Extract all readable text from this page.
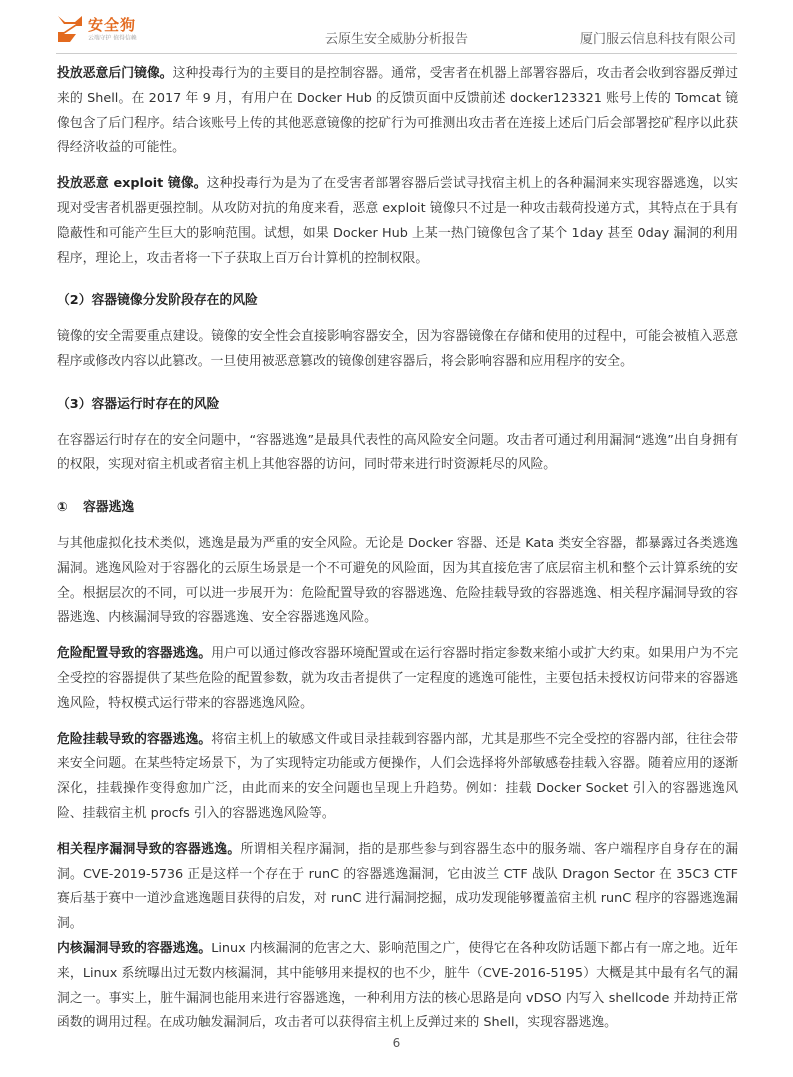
安全狗
云端守护 值得信赖	云原生安全威胁分析报告	厦门服云信息科技有限公司

投放恶意后门镜像。这种投毒行为的主要目的是控制容器。通常，受害者在机器上部署容器后，攻击者会收到容器反弹过来的 Shell。在 2017 年 9 月，有用户在 Docker Hub 的反馈页面中反馈前述 docker123321 账号上传的 Tomcat 镜像包含了后门程序。结合该账号上传的其他恶意镜像的挖矿行为可推测出攻击者在连接上述后门后会部署挖矿程序以此获得经济收益的可能性。

投放恶意 exploit 镜像。这种投毒行为是为了在受害者部署容器后尝试寻找宿主机上的各种漏洞来实现容器逃逸，以实现对受害者机器更强控制。从攻防对抗的角度来看，恶意 exploit 镜像只不过是一种攻击载荷投递方式，其特点在于具有隐蔽性和可能产生巨大的影响范围。试想，如果 Docker Hub 上某一热门镜像包含了某个 1day 甚至 0day 漏洞的利用程序，理论上，攻击者将一下子获取上百万台计算机的控制权限。

（2）容器镜像分发阶段存在的风险

镜像的安全需要重点建设。镜像的安全性会直接影响容器安全，因为容器镜像在存储和使用的过程中，可能会被植入恶意程序或修改内容以此篡改。一旦使用被恶意篡改的镜像创建容器后，将会影响容器和应用程序的安全。

（3）容器运行时存在的风险

在容器运行时存在的安全问题中，“容器逃逸”是最具代表性的高风险安全问题。攻击者可通过利用漏洞“逃逸”出自身拥有的权限，实现对宿主机或者宿主机上其他容器的访问，同时带来进行时资源耗尽的风险。

① 容器逃逸

与其他虚拟化技术类似，逃逸是最为严重的安全风险。无论是 Docker 容器、还是 Kata 类安全容器，都暴露过各类逃逸漏洞。逃逸风险对于容器化的云原生场景是一个不可避免的风险面，因为其直接危害了底层宿主机和整个云计算系统的安全。根据层次的不同，可以进一步展开为：危险配置导致的容器逃逸、危险挂载导致的容器逃逸、相关程序漏洞导致的容器逃逸、内核漏洞导致的容器逃逸、安全容器逃逸风险。

危险配置导致的容器逃逸。用户可以通过修改容器环境配置或在运行容器时指定参数来缩小或扩大约束。如果用户为不完全受控的容器提供了某些危险的配置参数，就为攻击者提供了一定程度的逃逸可能性，主要包括未授权访问带来的容器逃逸风险，特权模式运行带来的容器逃逸风险。

危险挂载导致的容器逃逸。将宿主机上的敏感文件或目录挂载到容器内部，尤其是那些不完全受控的容器内部，往往会带来安全问题。在某些特定场景下，为了实现特定功能或方便操作，人们会选择将外部敏感卷挂载入容器。随着应用的逐渐深化，挂载操作变得愈加广泛，由此而来的安全问题也呈现上升趋势。例如：挂载 Docker Socket 引入的容器逃逸风险、挂载宿主机 procfs 引入的容器逃逸风险等。

相关程序漏洞导致的容器逃逸。所谓相关程序漏洞，指的是那些参与到容器生态中的服务端、客户端程序自身存在的漏洞。CVE-2019-5736 正是这样一个存在于 runC 的容器逃逸漏洞，它由波兰 CTF 战队 Dragon Sector 在 35C3 CTF 赛后基于赛中一道沙盒逃逸题目获得的启发，对 runC 进行漏洞挖掘，成功发现能够覆盖宿主机 runC 程序的容器逃逸漏洞。

内核漏洞导致的容器逃逸。Linux 内核漏洞的危害之大、影响范围之广，使得它在各种攻防话题下都占有一席之地。近年来，Linux 系统曝出过无数内核漏洞，其中能够用来提权的也不少，脏牛（CVE-2016-5195）大概是其中最有名气的漏洞之一。事实上，脏牛漏洞也能用来进行容器逃逸，一种利用方法的核心思路是向 vDSO 内写入 shellcode 并劫持正常函数的调用过程。在成功触发漏洞后，攻击者可以获得宿主机上反弹过来的 Shell，实现容器逃逸。

6
